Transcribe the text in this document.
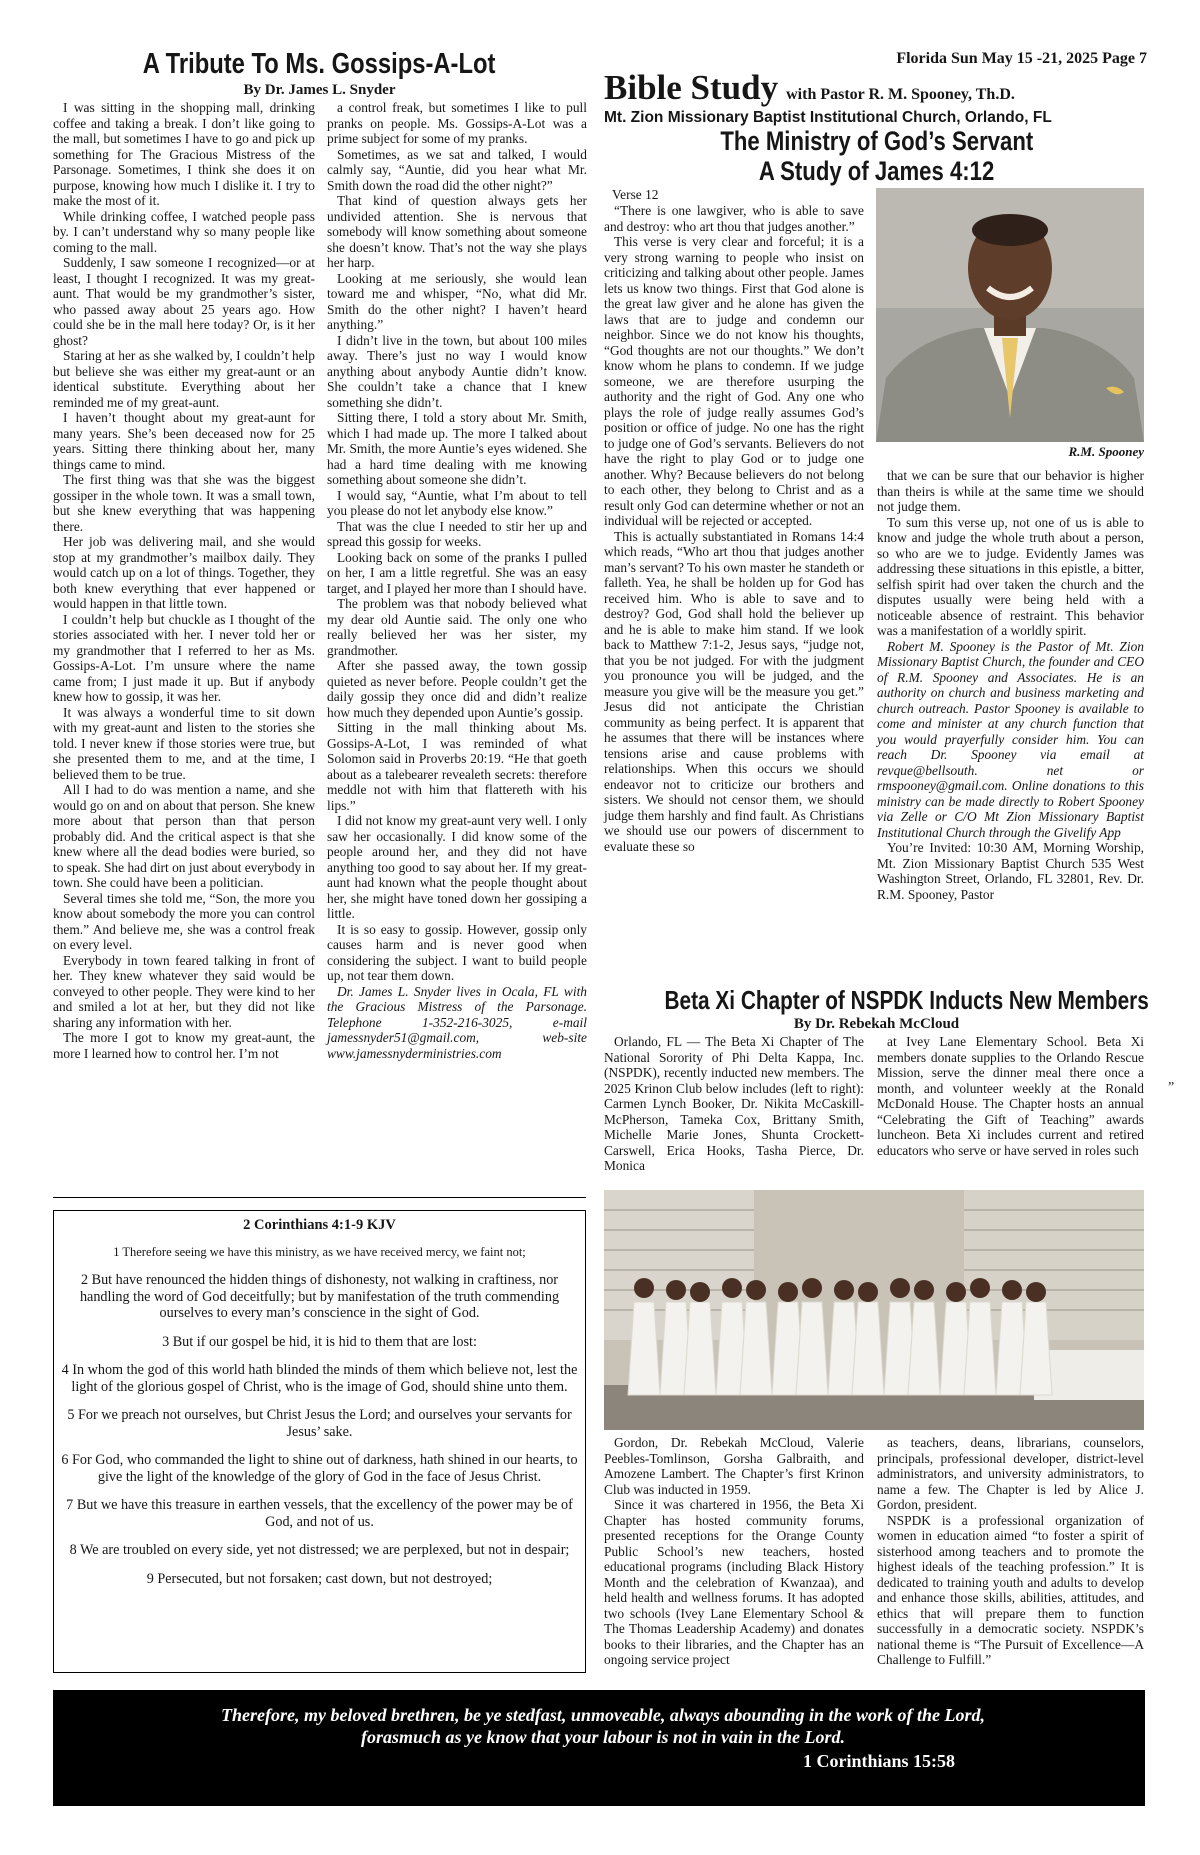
Florida Sun May 15 -21, 2025 Page 7
A Tribute To Ms. Gossips-A-Lot
By Dr. James L. Snyder

I was sitting in the shopping mall, drinking coffee and taking a break. I don’t like going to the mall, but sometimes I have to go and pick up something for The Gracious Mistress of the Parsonage. Sometimes, I think she does it on purpose, knowing how much I dislike it. I try to make the most of it.

While drinking coffee, I watched people pass by. I can’t understand why so many people like coming to the mall.

Suddenly, I saw someone I recognized—or at least, I thought I recognized. It was my great-aunt. That would be my grandmother’s sister, who passed away about 25 years ago. How could she be in the mall here today? Or, is it her ghost?

Staring at her as she walked by, I couldn’t help but believe she was either my great-aunt or an identical substitute. Everything about her reminded me of my great-aunt.

I haven’t thought about my great-aunt for many years. She’s been deceased now for 25 years. Sitting there thinking about her, many things came to mind.

The first thing was that she was the biggest gossiper in the whole town. It was a small town, but she knew everything that was happening there.

Her job was delivering mail, and she would stop at my grandmother’s mailbox daily. They would catch up on a lot of things. Together, they both knew everything that ever happened or would happen in that little town.

I couldn’t help but chuckle as I thought of the stories associated with her. I never told her or my grandmother that I referred to her as Ms. Gossips-A-Lot. I’m unsure where the name came from; I just made it up. But if anybody knew how to gossip, it was her.

It was always a wonderful time to sit down with my great-aunt and listen to the stories she told. I never knew if those stories were true, but she presented them to me, and at the time, I believed them to be true.

All I had to do was mention a name, and she would go on and on about that person. She knew more about that person than that person probably did. And the critical aspect is that she knew where all the dead bodies were buried, so to speak. She had dirt on just about everybody in town. She could have been a politician.

Several times she told me, “Son, the more you know about somebody the more you can control them.” And believe me, she was a control freak on every level.

Everybody in town feared talking in front of her. They knew whatever they said would be conveyed to other people. They were kind to her and smiled a lot at her, but they did not like sharing any information with her.

The more I got to know my great-aunt, the more I learned how to control her. I’m not

a control freak, but sometimes I like to pull pranks on people. Ms. Gossips-A-Lot was a prime subject for some of my pranks.

Sometimes, as we sat and talked, I would calmly say, “Auntie, did you hear what Mr. Smith down the road did the other night?”

That kind of question always gets her undivided attention. She is nervous that somebody will know something about someone she doesn’t know. That’s not the way she plays her harp.

Looking at me seriously, she would lean toward me and whisper, “No, what did Mr. Smith do the other night? I haven’t heard anything.”

I didn’t live in the town, but about 100 miles away. There’s just no way I would know anything about anybody Auntie didn’t know. She couldn’t take a chance that I knew something she didn’t.

Sitting there, I told a story about Mr. Smith, which I had made up. The more I talked about Mr. Smith, the more Auntie’s eyes widened. She had a hard time dealing with me knowing something about someone she didn’t.

I would say, “Auntie, what I’m about to tell you please do not let anybody else know.”

That was the clue I needed to stir her up and spread this gossip for weeks.

Looking back on some of the pranks I pulled on her, I am a little regretful. She was an easy target, and I played her more than I should have.

The problem was that nobody believed what my dear old Auntie said. The only one who really believed her was her sister, my grandmother.

After she passed away, the town gossip quieted as never before. People couldn’t get the daily gossip they once did and didn’t realize how much they depended upon Auntie’s gossip.

Sitting in the mall thinking about Ms. Gossips-A-Lot, I was reminded of what Solomon said in Proverbs 20:19. “He that goeth about as a talebearer revealeth secrets: therefore meddle not with him that flattereth with his lips.”

I did not know my great-aunt very well. I only saw her occasionally. I did know some of the people around her, and they did not have anything too good to say about her. If my great-aunt had known what the people thought about her, she might have toned down her gossiping a little.

It is so easy to gossip. However, gossip only causes harm and is never good when considering the subject. I want to build people up, not tear them down.

Dr. James L. Snyder lives in Ocala, FL with the Gracious Mistress of the Parsonage. Telephone 1-352-216-3025, e-mail jamessnyder51@gmail.com, web-site www.jamessnyderministries.com

2 Corinthians 4:1-9 KJV
1 Therefore seeing we have this ministry, as we have received mercy, we faint not;
2 But have renounced the hidden things of dishonesty, not walking in craftiness, nor handling the word of God deceitfully; but by manifestation of the truth commending ourselves to every man’s conscience in the sight of God.
3 But if our gospel be hid, it is hid to them that are lost:
4 In whom the god of this world hath blinded the minds of them which believe not, lest the light of the glorious gospel of Christ, who is the image of God, should shine unto them.
5 For we preach not ourselves, but Christ Jesus the Lord; and ourselves your servants for Jesus’ sake.
6 For God, who commanded the light to shine out of darkness, hath shined in our hearts, to give the light of the knowledge of the glory of God in the face of Jesus Christ.
7 But we have this treasure in earthen vessels, that the excellency of the power may be of God, and not of us.
8 We are troubled on every side, yet not distressed; we are perplexed, but not in despair;
9 Persecuted, but not forsaken; cast down, but not destroyed;
Bible Study with Pastor R. M. Spooney, Th.D.
Mt. Zion Missionary Baptist Institutional Church, Orlando, FL
The Ministry of God’s Servant
A Study of James 4:12
R.M. Spooney
Verse 12

“There is one lawgiver, who is able to save and destroy: who art thou that judges another.”

This verse is very clear and forceful; it is a very strong warning to people who insist on criticizing and talking about other people. James lets us know two things. First that God alone is the great law giver and he alone has given the laws that are to judge and condemn our neighbor. Since we do not know his thoughts, “God thoughts are not our thoughts.” We don’t know whom he plans to condemn. If we judge someone, we are therefore usurping the authority and the right of God. Any one who plays the role of judge really assumes God’s position or office of judge. No one has the right to judge one of God’s servants. Believers do not have the right to play God or to judge one another. Why? Because believers do not belong to each other, they belong to Christ and as a result only God can determine whether or not an individual will be rejected or accepted.

This is actually substantiated in Romans 14:4 which reads, “Who art thou that judges another man’s servant? To his own master he standeth or falleth. Yea, he shall be holden up for God has received him. Who is able to save and to destroy? God, God shall hold the believer up and he is able to make him stand. If we look back to Matthew 7:1-2, Jesus says, “judge not, that you be not judged. For with the judgment you pronounce you will be judged, and the measure you give will be the measure you get.” Jesus did not anticipate the Christian community as being perfect. It is apparent that he assumes that there will be instances where tensions arise and cause problems with relationships. When this occurs we should endeavor not to criticize our brothers and sisters. We should not censor them, we should judge them harshly and find fault. As Christians we should use our powers of discernment to evaluate these so

that we can be sure that our behavior is higher than theirs is while at the same time we should not judge them.

To sum this verse up, not one of us is able to know and judge the whole truth about a person, so who are we to judge. Evidently James was addressing these situations in this epistle, a bitter, selfish spirit had over taken the church and the disputes usually were being held with a noticeable absence of restraint. This behavior was a manifestation of a worldly spirit.

Robert M. Spooney is the Pastor of Mt. Zion Missionary Baptist Church, the founder and CEO of R.M. Spooney and Associates. He is an authority on church and business marketing and church outreach. Pastor Spooney is available to come and minister at any church function that you would prayerfully consider him. You can reach Dr. Spooney via email at revque@bellsouth. net or rmspooney@gmail.com. Online donations to this ministry can be made directly to Robert Spooney via Zelle or C/O Mt Zion Missionary Baptist Institutional Church through the Givelify App

You’re Invited: 10:30 AM, Morning Worship, Mt. Zion Missionary Baptist Church 535 West Washington Street, Orlando, FL 32801, Rev. Dr. R.M. Spooney, Pastor

Beta Xi Chapter of NSPDK Inducts New Members
By Dr. Rebekah McCloud
Orlando, FL — The Beta Xi Chapter of The National Sorority of Phi Delta Kappa, Inc. (NSPDK), recently inducted new members. The 2025 Krinon Club below includes (left to right): Carmen Lynch Booker, Dr. Nikita McCaskill-McPherson, Tameka Cox, Brittany Smith, Michelle Marie Jones, Shunta Crockett-Carswell, Erica Hooks, Tasha Pierce, Dr. Monica
at Ivey Lane Elementary School. Beta Xi members donate supplies to the Orlando Rescue Mission, serve the dinner meal there once a month, and volunteer weekly at the Ronald McDonald House. The Chapter hosts an annual “Celebrating the Gift of Teaching” awards luncheon. Beta Xi includes current and retired educators who serve or have served in roles such
”

Gordon, Dr. Rebekah McCloud, Valerie Peebles-Tomlinson, Gorsha Galbraith, and Amozene Lambert. The Chapter’s first Krinon Club was inducted in 1959.

Since it was chartered in 1956, the Beta Xi Chapter has hosted community forums, presented receptions for the Orange County Public School’s new teachers, hosted educational programs (including Black History Month and the celebration of Kwanzaa), and held health and wellness forums. It has adopted two schools (Ivey Lane Elementary School & The Thomas Leadership Academy) and donates books to their libraries, and the Chapter has an ongoing service project

as teachers, deans, librarians, counselors, principals, professional developer, district-level administrators, and university administrators, to name a few. The Chapter is led by Alice J. Gordon, president.

NSPDK is a professional organization of women in education aimed “to foster a spirit of sisterhood among teachers and to promote the highest ideals of the teaching profession.” It is dedicated to training youth and adults to develop and enhance those skills, abilities, attitudes, and ethics that will prepare them to function successfully in a democratic society. NSPDK’s national theme is “The Pursuit of Excellence—A Challenge to Fulfill.”

Therefore, my beloved brethren, be ye stedfast, unmoveable, always abounding in the work of the Lord,
forasmuch as ye know that your labour is not in vain in the Lord.
1 Corinthians 15:58
